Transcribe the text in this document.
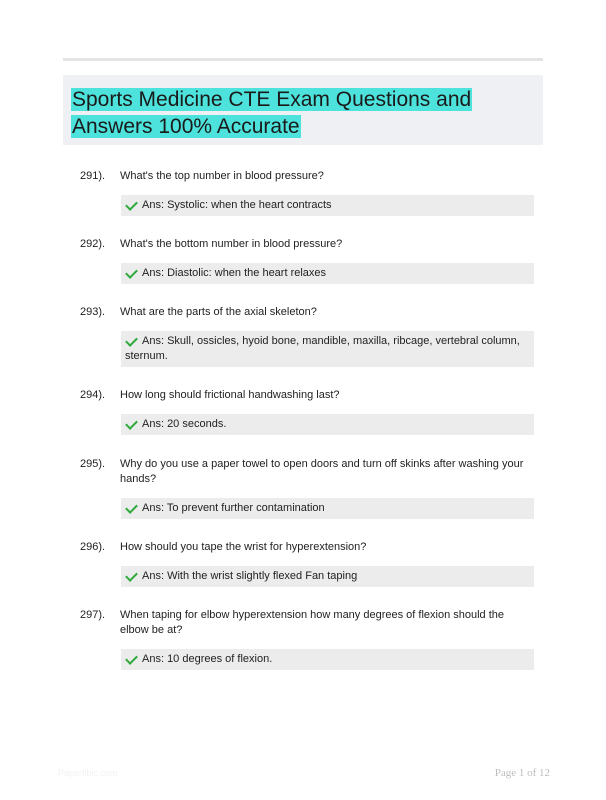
Sports Medicine CTE Exam Questions and Answers 100% Accurate
291).	What's the top number in blood pressure?
Ans: Systolic: when the heart contracts
292).	What's the bottom number in blood pressure?
Ans: Diastolic: when the heart relaxes
293).	What are the parts of the axial skeleton?
Ans: Skull, ossicles, hyoid bone, mandible, maxilla, ribcage, vertebral column, sternum.
294).	How long should frictional handwashing last?
Ans: 20 seconds.
295).	Why do you use a paper towel to open doors and turn off skinks after washing your hands?
Ans: To prevent further contamination
296).	How should you tape the wrist for hyperextension?
Ans: With the wrist slightly flexed Fan taping
297).	When taping for elbow hyperextension how many degrees of flexion should the elbow be at?
Ans: 10 degrees of flexion.
Papertibic.com	Page 1 of 12
